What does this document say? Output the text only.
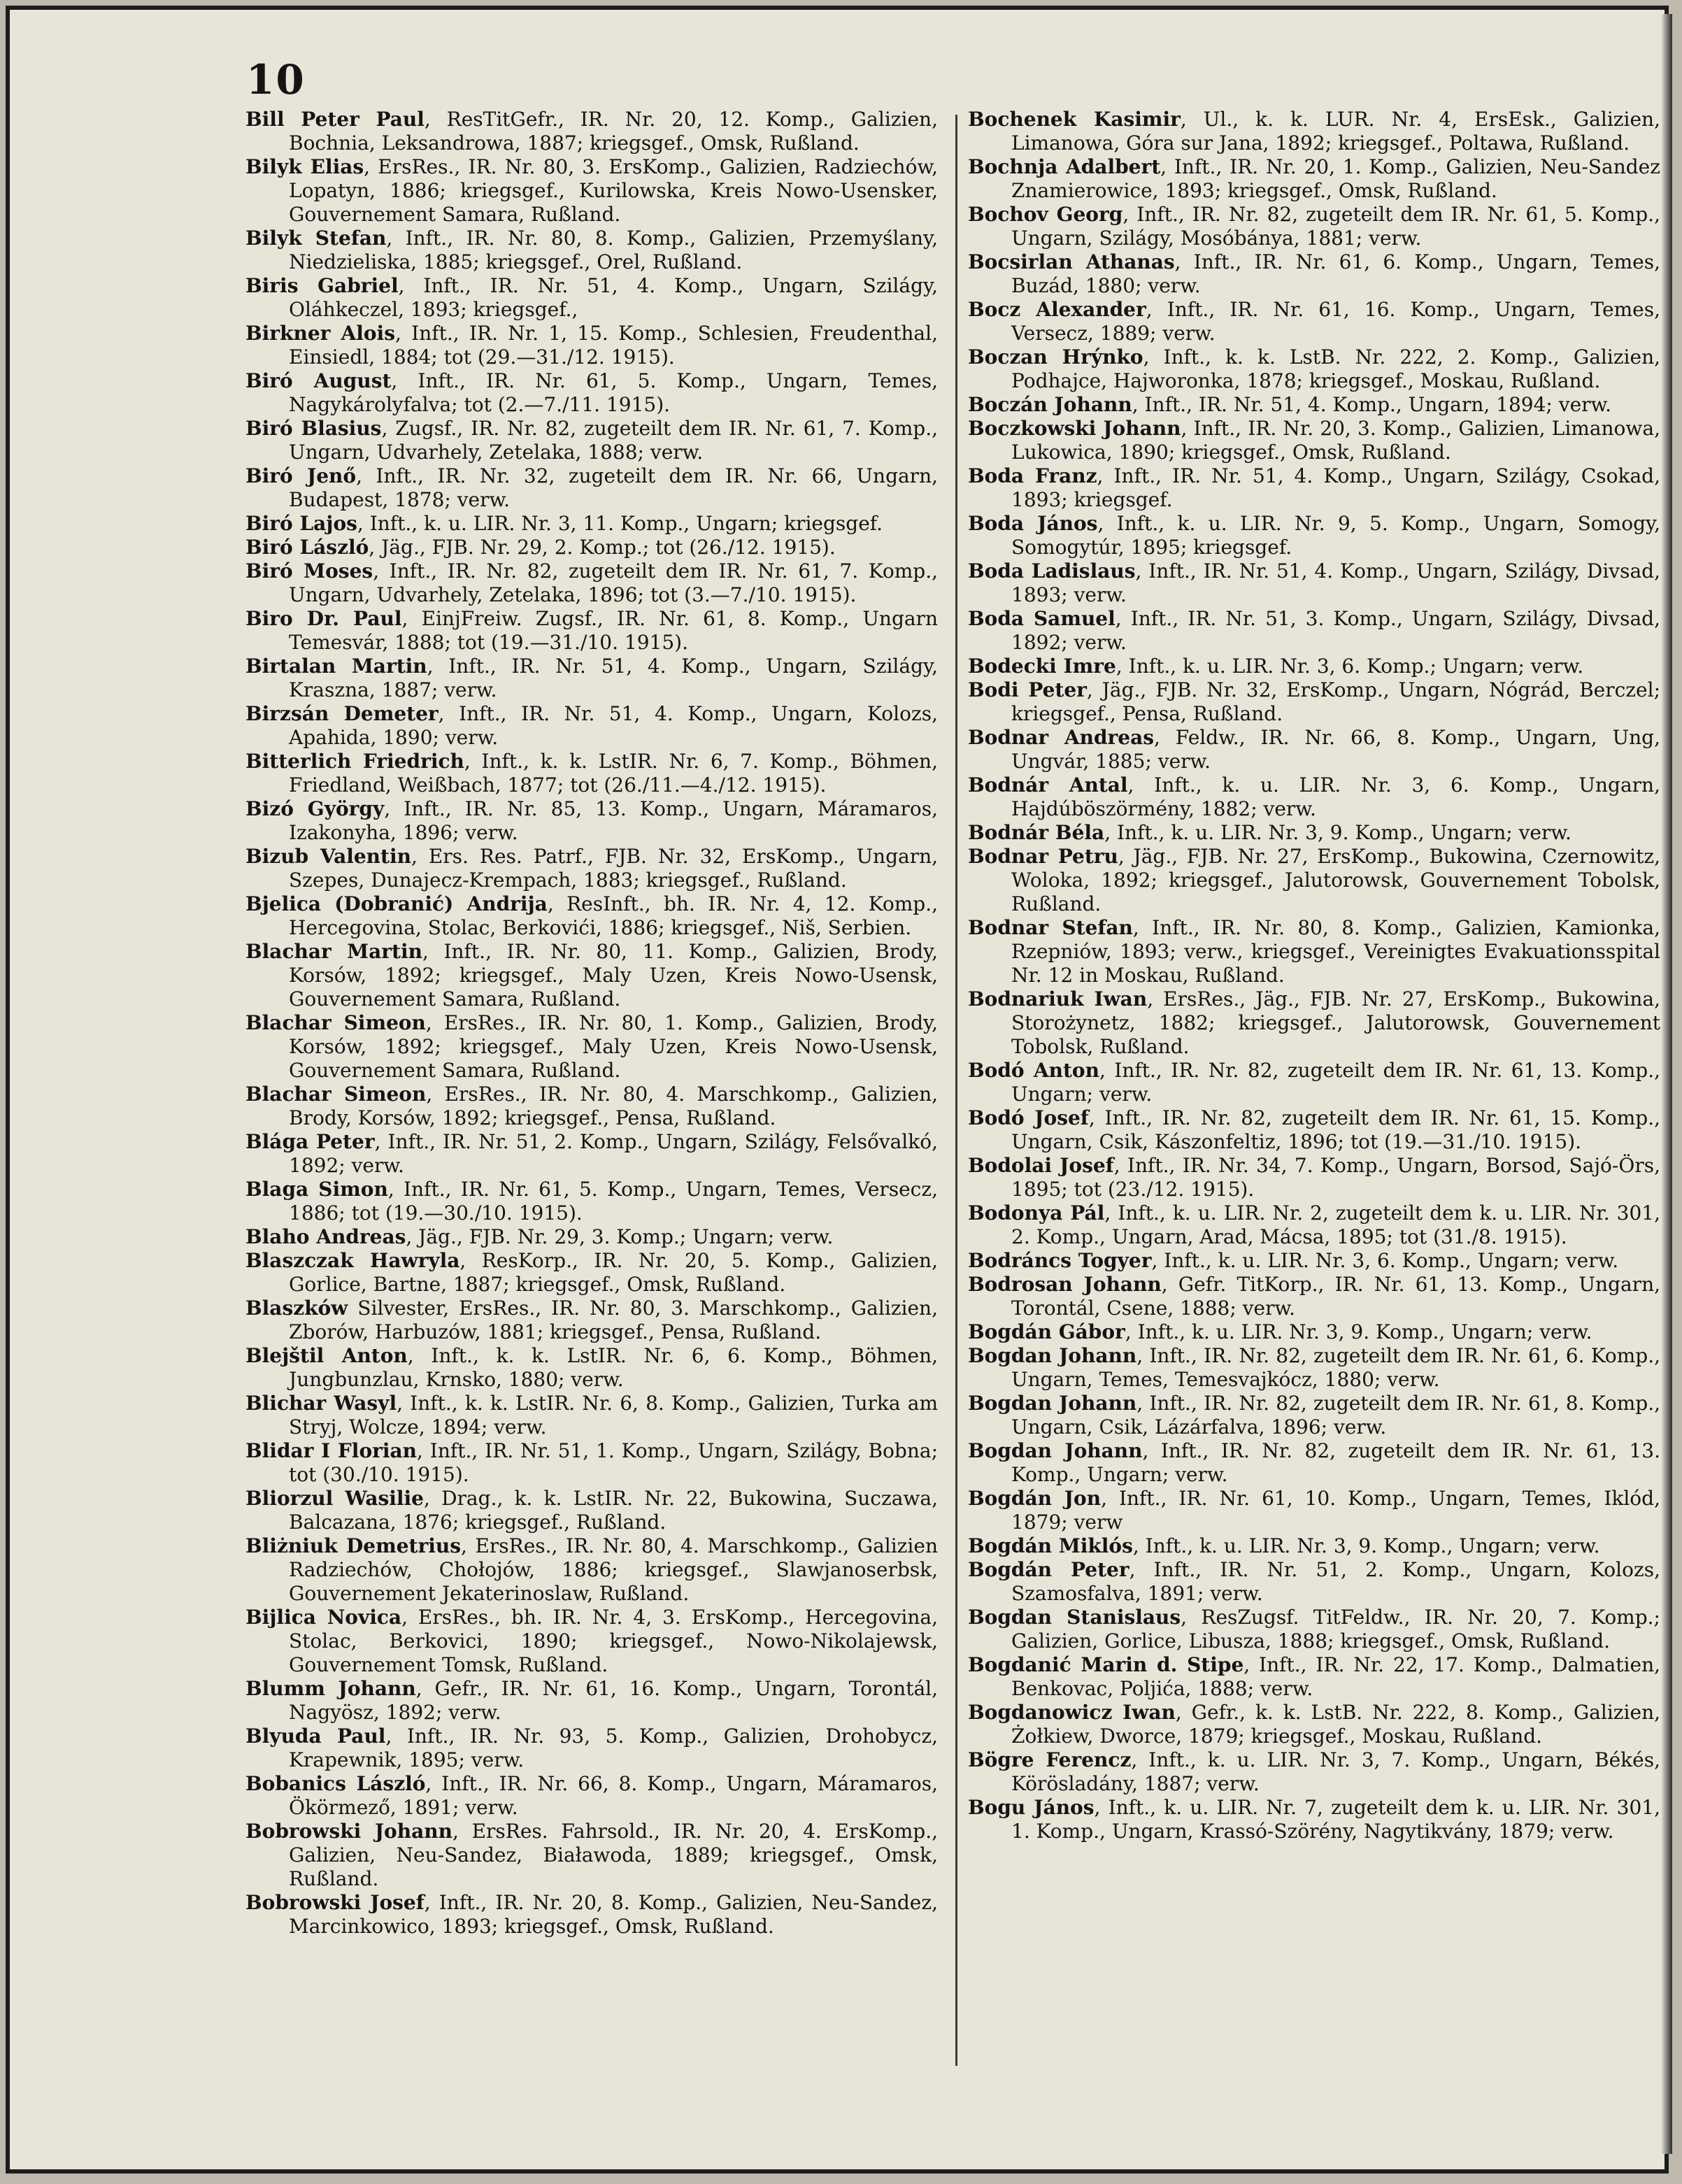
10

Bill Peter Paul, ResTitGefr., IR. Nr. 20, 12. Komp., Galizien, Bochnia, Leksandrowa, 1887; kriegsgef., Omsk, Rußland.

Bilyk Elias, ErsRes., IR. Nr. 80, 3. ErsKomp., Galizien, Radziechów, Lopatyn, 1886; kriegsgef., Kurilowska, Kreis Nowo-Usensker, Gouvernement Samara, Rußland.

Bilyk Stefan, Inft., IR. Nr. 80, 8. Komp., Galizien, Przemyślany, Niedzieliska, 1885; kriegsgef., Orel, Rußland.

Biris Gabriel, Inft., IR. Nr. 51, 4. Komp., Ungarn, Szilágy, Oláhkeczel, 1893; kriegsgef.,

Birkner Alois, Inft., IR. Nr. 1, 15. Komp., Schlesien, Freudenthal, Einsiedl, 1884; tot (29.—31./12. 1915).

Biró August, Inft., IR. Nr. 61, 5. Komp., Ungarn, Temes, Nagykárolyfalva; tot (2.—7./11. 1915).

Biró Blasius, Zugsf., IR. Nr. 82, zugeteilt dem IR. Nr. 61, 7. Komp., Ungarn, Udvarhely, Zetelaka, 1888; verw.

Biró Jenő, Inft., IR. Nr. 32, zugeteilt dem IR. Nr. 66, Ungarn, Budapest, 1878; verw.

Biró Lajos, Inft., k. u. LIR. Nr. 3, 11. Komp., Ungarn; kriegsgef.

Biró László, Jäg., FJB. Nr. 29, 2. Komp.; tot (26./12. 1915).

Biró Moses, Inft., IR. Nr. 82, zugeteilt dem IR. Nr. 61, 7. Komp., Ungarn, Udvarhely, Zetelaka, 1896; tot (3.—7./10. 1915).

Biro Dr. Paul, EinjFreiw. Zugsf., IR. Nr. 61, 8. Komp., Ungarn Temesvár, 1888; tot (19.—31./10. 1915).

Birtalan Martin, Inft., IR. Nr. 51, 4. Komp., Ungarn, Szilágy, Kraszna, 1887; verw.

Birzsán Demeter, Inft., IR. Nr. 51, 4. Komp., Ungarn, Kolozs, Apahida, 1890; verw.

Bitterlich Friedrich, Inft., k. k. LstIR. Nr. 6, 7. Komp., Böhmen, Friedland, Weißbach, 1877; tot (26./11.—4./12. 1915).

Bizó György, Inft., IR. Nr. 85, 13. Komp., Ungarn, Máramaros, Izakonyha, 1896; verw.

Bizub Valentin, Ers. Res. Patrf., FJB. Nr. 32, ErsKomp., Ungarn, Szepes, Dunajecz-Krempach, 1883; kriegsgef., Rußland.

Bjelica (Dobranić) Andrija, ResInft., bh. IR. Nr. 4, 12. Komp., Hercegovina, Stolac, Berkovići, 1886; kriegsgef., Niš, Serbien.

Blachar Martin, Inft., IR. Nr. 80, 11. Komp., Galizien, Brody, Korsów, 1892; kriegsgef., Maly Uzen, Kreis Nowo-Usensk, Gouvernement Samara, Rußland.

Blachar Simeon, ErsRes., IR. Nr. 80, 1. Komp., Galizien, Brody, Korsów, 1892; kriegsgef., Maly Uzen, Kreis Nowo-Usensk, Gouvernement Samara, Rußland.

Blachar Simeon, ErsRes., IR. Nr. 80, 4. Marschkomp., Galizien, Brody, Korsów, 1892; kriegsgef., Pensa, Rußland.

Blága Peter, Inft., IR. Nr. 51, 2. Komp., Ungarn, Szilágy, Felsővalkó, 1892; verw.

Blaga Simon, Inft., IR. Nr. 61, 5. Komp., Ungarn, Temes, Versecz, 1886; tot (19.—30./10. 1915).

Blaho Andreas, Jäg., FJB. Nr. 29, 3. Komp.; Ungarn; verw.

Blaszczak Hawryla, ResKorp., IR. Nr. 20, 5. Komp., Galizien, Gorlice, Bartne, 1887; kriegsgef., Omsk, Rußland.

Blaszków Silvester, ErsRes., IR. Nr. 80, 3. Marschkomp., Galizien, Zborów, Harbuzów, 1881; kriegsgef., Pensa, Rußland.

Blejštil Anton, Inft., k. k. LstIR. Nr. 6, 6. Komp., Böhmen, Jungbunzlau, Krnsko, 1880; verw.

Blichar Wasyl, Inft., k. k. LstIR. Nr. 6, 8. Komp., Galizien, Turka am Stryj, Wolcze, 1894; verw.

Blidar I Florian, Inft., IR. Nr. 51, 1. Komp., Ungarn, Szilágy, Bobna; tot (30./10. 1915).

Bliorzul Wasilie, Drag., k. k. LstIR. Nr. 22, Bukowina, Suczawa, Balcazana, 1876; kriegsgef., Rußland.

Bliżniuk Demetrius, ErsRes., IR. Nr. 80, 4. Marschkomp., Galizien Radziechów, Chołojów, 1886; kriegsgef., Slawjanoserbsk, Gouvernement Jekaterinoslaw, Rußland.

Bijlica Novica, ErsRes., bh. IR. Nr. 4, 3. ErsKomp., Hercegovina, Stolac, Berkovici, 1890; kriegsgef., Nowo-Nikolajewsk, Gouvernement Tomsk, Rußland.

Blumm Johann, Gefr., IR. Nr. 61, 16. Komp., Ungarn, Torontál, Nagyösz, 1892; verw.

Blyuda Paul, Inft., IR. Nr. 93, 5. Komp., Galizien, Drohobycz, Krapewnik, 1895; verw.

Bobanics László, Inft., IR. Nr. 66, 8. Komp., Ungarn, Máramaros, Ökörmező, 1891; verw.

Bobrowski Johann, ErsRes. Fahrsold., IR. Nr. 20, 4. ErsKomp., Galizien, Neu-Sandez, Białawoda, 1889; kriegsgef., Omsk, Rußland.

Bobrowski Josef, Inft., IR. Nr. 20, 8. Komp., Galizien, Neu-Sandez, Marcinkowico, 1893; kriegsgef., Omsk, Rußland.

Bochenek Kasimir, Ul., k. k. LUR. Nr. 4, ErsEsk., Galizien, Limanowa, Góra sur Jana, 1892; kriegsgef., Poltawa, Rußland.

Bochnja Adalbert, Inft., IR. Nr. 20, 1. Komp., Galizien, Neu-Sandez Znamierowice, 1893; kriegsgef., Omsk, Rußland.

Bochov Georg, Inft., IR. Nr. 82, zugeteilt dem IR. Nr. 61, 5. Komp., Ungarn, Szilágy, Mosóbánya, 1881; verw.

Bocsirlan Athanas, Inft., IR. Nr. 61, 6. Komp., Ungarn, Temes, Buzád, 1880; verw.

Bocz Alexander, Inft., IR. Nr. 61, 16. Komp., Ungarn, Temes, Versecz, 1889; verw.

Boczan Hrýnko, Inft., k. k. LstB. Nr. 222, 2. Komp., Galizien, Podhajce, Hajworonka, 1878; kriegsgef., Moskau, Rußland.

Boczán Johann, Inft., IR. Nr. 51, 4. Komp., Ungarn, 1894; verw.

Boczkowski Johann, Inft., IR. Nr. 20, 3. Komp., Galizien, Limanowa, Lukowica, 1890; kriegsgef., Omsk, Rußland.

Boda Franz, Inft., IR. Nr. 51, 4. Komp., Ungarn, Szilágy, Csokad, 1893; kriegsgef.

Boda János, Inft., k. u. LIR. Nr. 9, 5. Komp., Ungarn, Somogy, Somogytúr, 1895; kriegsgef.

Boda Ladislaus, Inft., IR. Nr. 51, 4. Komp., Ungarn, Szilágy, Divsad, 1893; verw.

Boda Samuel, Inft., IR. Nr. 51, 3. Komp., Ungarn, Szilágy, Divsad, 1892; verw.

Bodecki Imre, Inft., k. u. LIR. Nr. 3, 6. Komp.; Ungarn; verw.

Bodi Peter, Jäg., FJB. Nr. 32, ErsKomp., Ungarn, Nógrád, Berczel; kriegsgef., Pensa, Rußland.

Bodnar Andreas, Feldw., IR. Nr. 66, 8. Komp., Ungarn, Ung, Ungvár, 1885; verw.

Bodnár Antal, Inft., k. u. LIR. Nr. 3, 6. Komp., Ungarn, Hajdúböszörmény, 1882; verw.

Bodnár Béla, Inft., k. u. LIR. Nr. 3, 9. Komp., Ungarn; verw.

Bodnar Petru, Jäg., FJB. Nr. 27, ErsKomp., Bukowina, Czernowitz, Woloka, 1892; kriegsgef., Jalutorowsk, Gouvernement Tobolsk, Rußland.

Bodnar Stefan, Inft., IR. Nr. 80, 8. Komp., Galizien, Kamionka, Rzepniów, 1893; verw., kriegsgef., Vereinigtes Evakuationsspital Nr. 12 in Moskau, Rußland.

Bodnariuk Iwan, ErsRes., Jäg., FJB. Nr. 27, ErsKomp., Bukowina, Storożynetz, 1882; kriegsgef., Jalutorowsk, Gouvernement Tobolsk, Rußland.

Bodó Anton, Inft., IR. Nr. 82, zugeteilt dem IR. Nr. 61, 13. Komp., Ungarn; verw.

Bodó Josef, Inft., IR. Nr. 82, zugeteilt dem IR. Nr. 61, 15. Komp., Ungarn, Csik, Kászonfeltiz, 1896; tot (19.—31./10. 1915).

Bodolai Josef, Inft., IR. Nr. 34, 7. Komp., Ungarn, Borsod, Sajó-Örs, 1895; tot (23./12. 1915).

Bodonya Pál, Inft., k. u. LIR. Nr. 2, zugeteilt dem k. u. LIR. Nr. 301, 2. Komp., Ungarn, Arad, Mácsa, 1895; tot (31./8. 1915).

Bodráncs Togyer, Inft., k. u. LIR. Nr. 3, 6. Komp., Ungarn; verw.

Bodrosan Johann, Gefr. TitKorp., IR. Nr. 61, 13. Komp., Ungarn, Torontál, Csene, 1888; verw.

Bogdán Gábor, Inft., k. u. LIR. Nr. 3, 9. Komp., Ungarn; verw.

Bogdan Johann, Inft., IR. Nr. 82, zugeteilt dem IR. Nr. 61, 6. Komp., Ungarn, Temes, Temesvajkócz, 1880; verw.

Bogdan Johann, Inft., IR. Nr. 82, zugeteilt dem IR. Nr. 61, 8. Komp., Ungarn, Csik, Lázárfalva, 1896; verw.

Bogdan Johann, Inft., IR. Nr. 82, zugeteilt dem IR. Nr. 61, 13. Komp., Ungarn; verw.

Bogdán Jon, Inft., IR. Nr. 61, 10. Komp., Ungarn, Temes, Iklód, 1879; verw

Bogdán Miklós, Inft., k. u. LIR. Nr. 3, 9. Komp., Ungarn; verw.

Bogdán Peter, Inft., IR. Nr. 51, 2. Komp., Ungarn, Kolozs, Szamosfalva, 1891; verw.

Bogdan Stanislaus, ResZugsf. TitFeldw., IR. Nr. 20, 7. Komp.; Galizien, Gorlice, Libusza, 1888; kriegsgef., Omsk, Rußland.

Bogdanić Marin d. Stipe, Inft., IR. Nr. 22, 17. Komp., Dalmatien, Benkovac, Poljića, 1888; verw.

Bogdanowicz Iwan, Gefr., k. k. LstB. Nr. 222, 8. Komp., Galizien, Żołkiew, Dworce, 1879; kriegsgef., Moskau, Rußland.

Bögre Ferencz, Inft., k. u. LIR. Nr. 3, 7. Komp., Ungarn, Békés, Körösladány, 1887; verw.

Bogu János, Inft., k. u. LIR. Nr. 7, zugeteilt dem k. u. LIR. Nr. 301, 1. Komp., Ungarn, Krassó-Szörény, Nagytikvány, 1879; verw.
